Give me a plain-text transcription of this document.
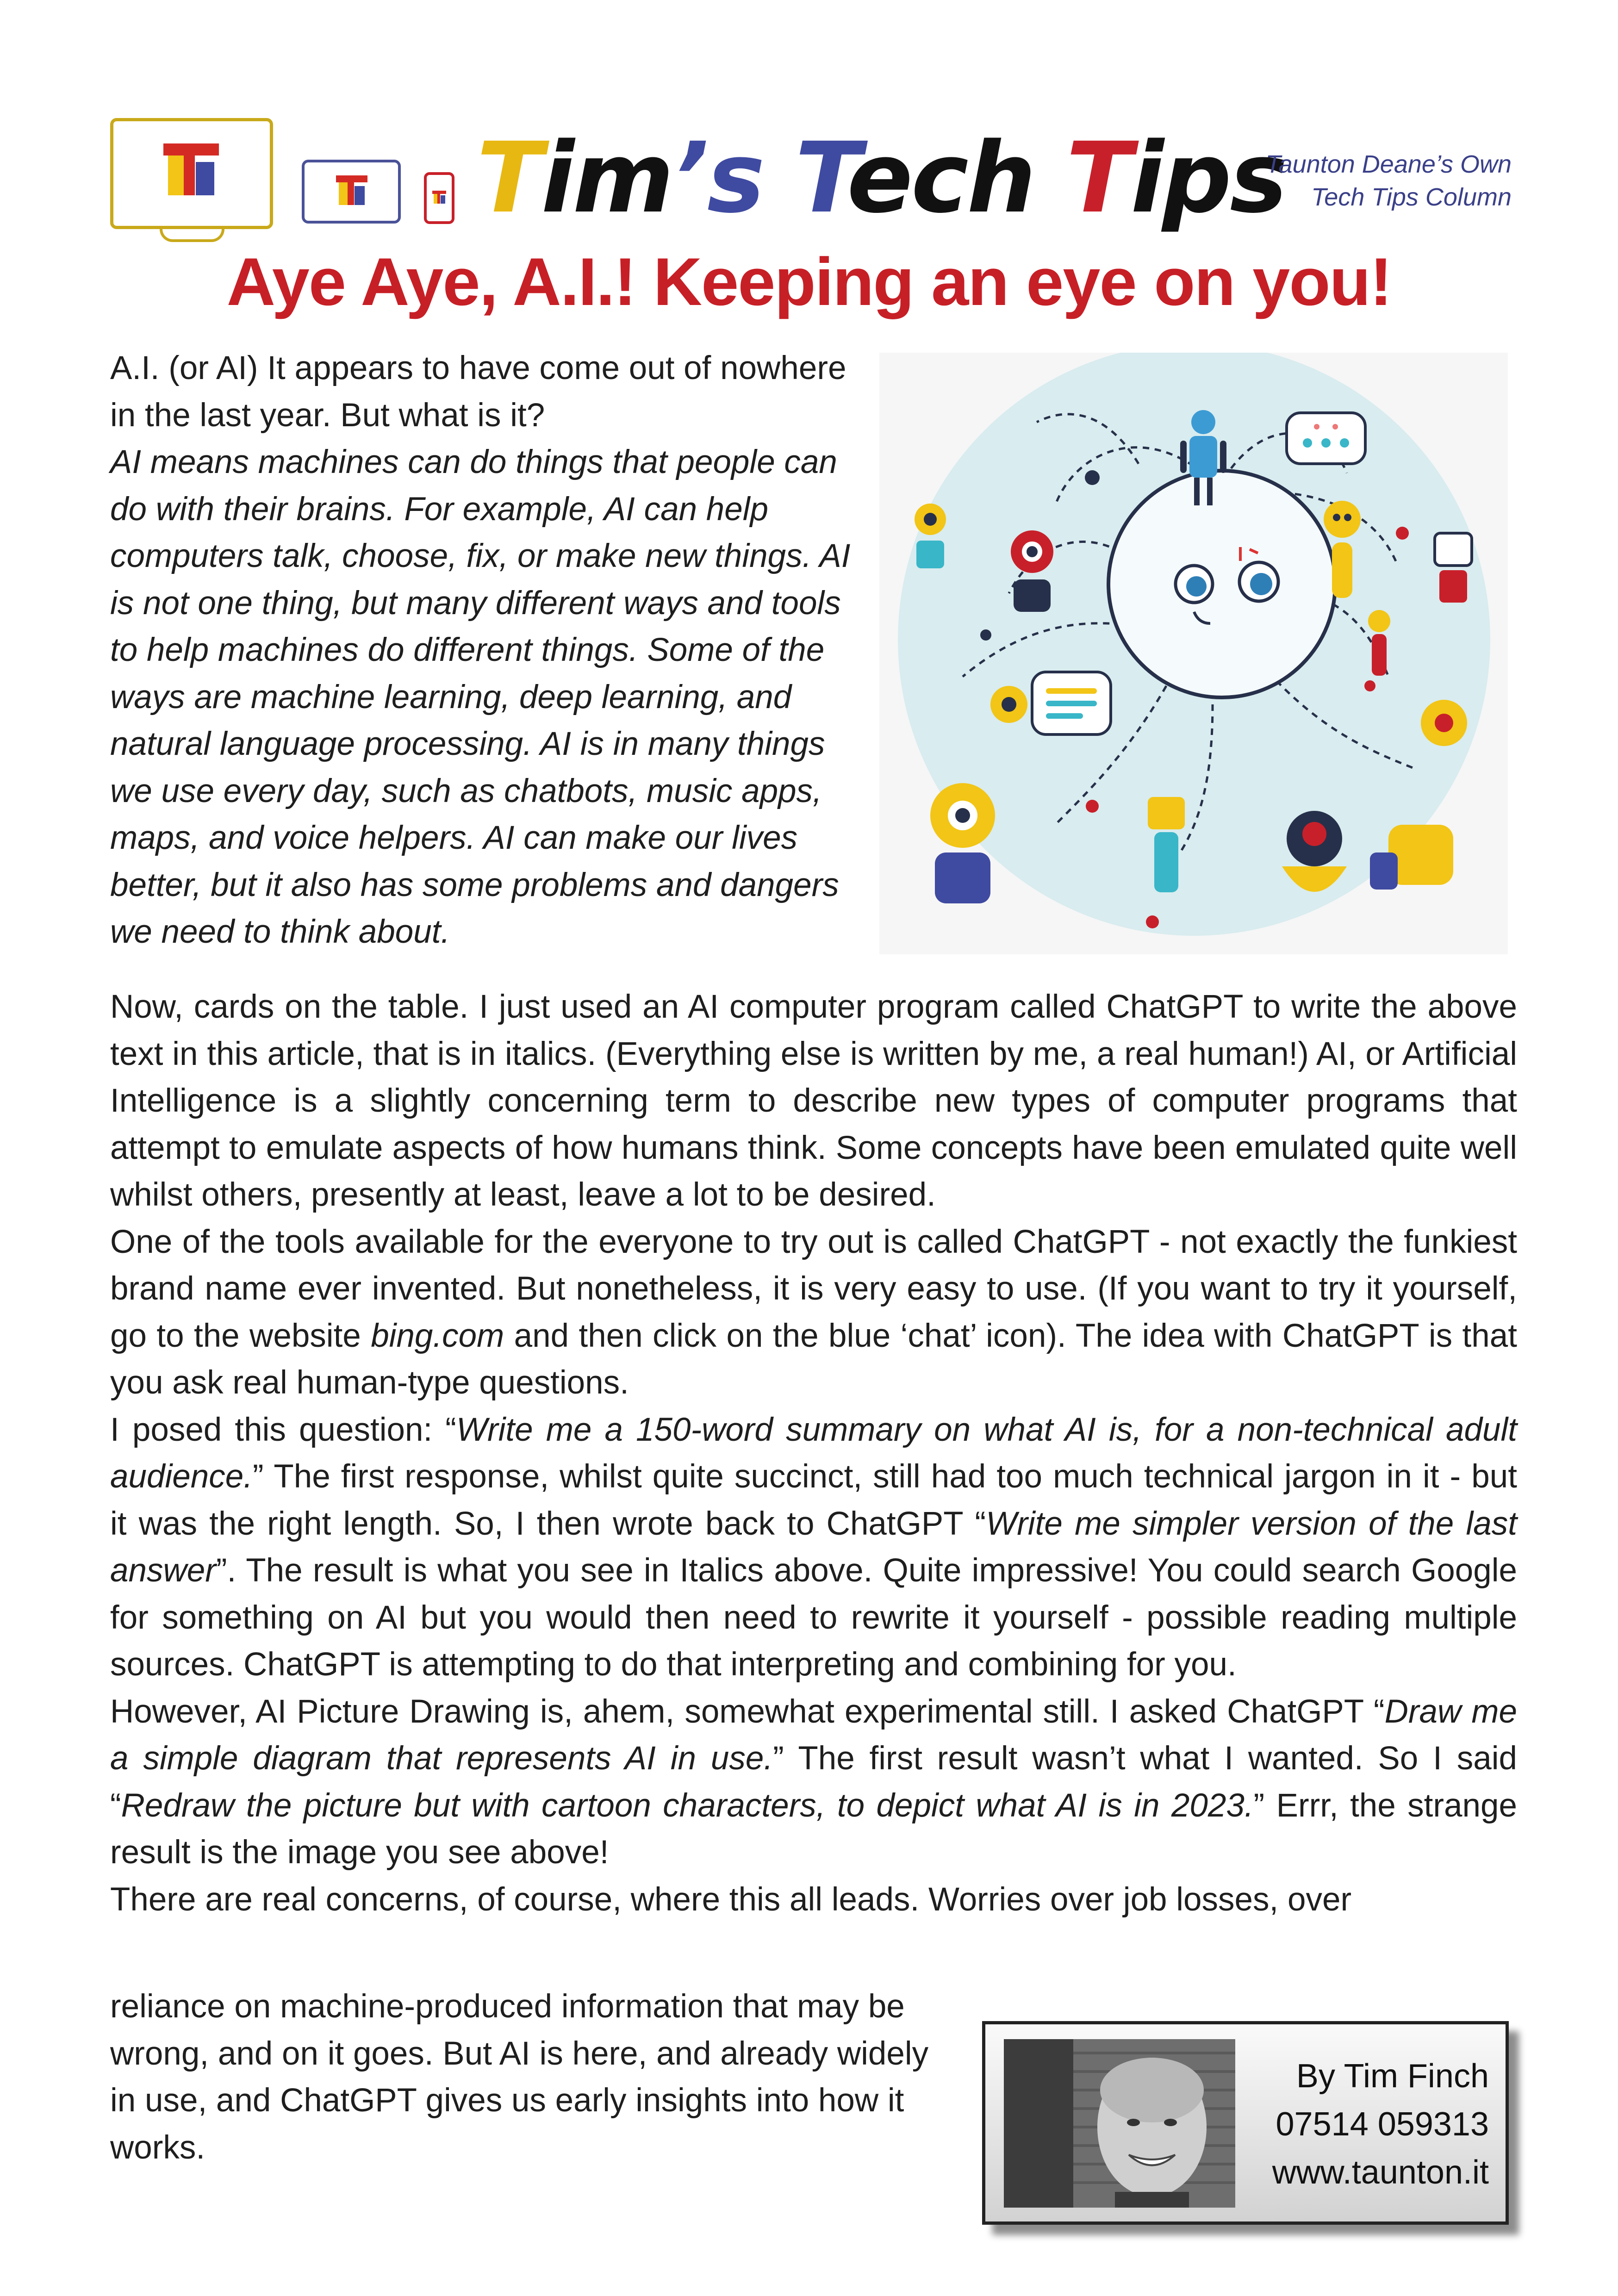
Tim’s Tech Tips
Taunton Deane’s Own
Tech Tips Column
Aye Aye, A.I.! Keeping an eye on you!

A.I. (or AI) It appears to have come out of nowhere in the last year. But what is it?
AI means machines can do things that people can do with their brains. For example, AI can help computers talk, choose, fix, or make new things. AI is not one thing, but many different ways and tools to help machines do different things. Some of the ways are machine learning, deep learning, and natural language processing. AI is in many things we use every day, such as chatbots, music apps, maps, and voice helpers. AI can make our lives better, but it also has some problems and dangers we need to think about.

Now, cards on the table. I just used an AI computer program called ChatGPT to write the above text in this article, that is in italics. (Everything else is written by me, a real human!) AI, or Artificial Intelligence is a slightly concerning term to describe new types of computer programs that attempt to emulate aspects of how humans think. Some concepts have been emulated quite well whilst others, presently at least, leave a lot to be desired.

One of the tools available for the everyone to try out is called ChatGPT - not exactly the funkiest brand name ever invented. But nonetheless, it is very easy to use. (If you want to try it yourself, go to the website bing.com and then click on the blue ‘chat’ icon). The idea with ChatGPT is that you ask real human-type questions.

I posed this question: “Write me a 150-word summary on what AI is, for a non-technical adult audience.” The first response, whilst quite succinct, still had too much technical jargon in it - but it was the right length. So, I then wrote back to ChatGPT “Write me simpler version of the last answer”. The result is what you see in Italics above. Quite impressive! You could search Google for something on AI but you would then need to rewrite it yourself - possible reading multiple sources. ChatGPT is attempting to do that interpreting and combining for you.

However, AI Picture Drawing is, ahem, somewhat experimental still. I asked ChatGPT “Draw me a simple diagram that represents AI in use.” The first result wasn’t what I wanted. So I said “Redraw the picture but with cartoon characters, to depict what AI is in 2023.” Errr, the strange result is the image you see above!

There are real concerns, of course, where this all leads. Worries over job losses, over

reliance on machine-produced information that may be wrong, and on it goes. But AI is here, and already widely in use, and ChatGPT gives us early insights into how it works.

By Tim Finch
07514 059313
www.taunton.it
